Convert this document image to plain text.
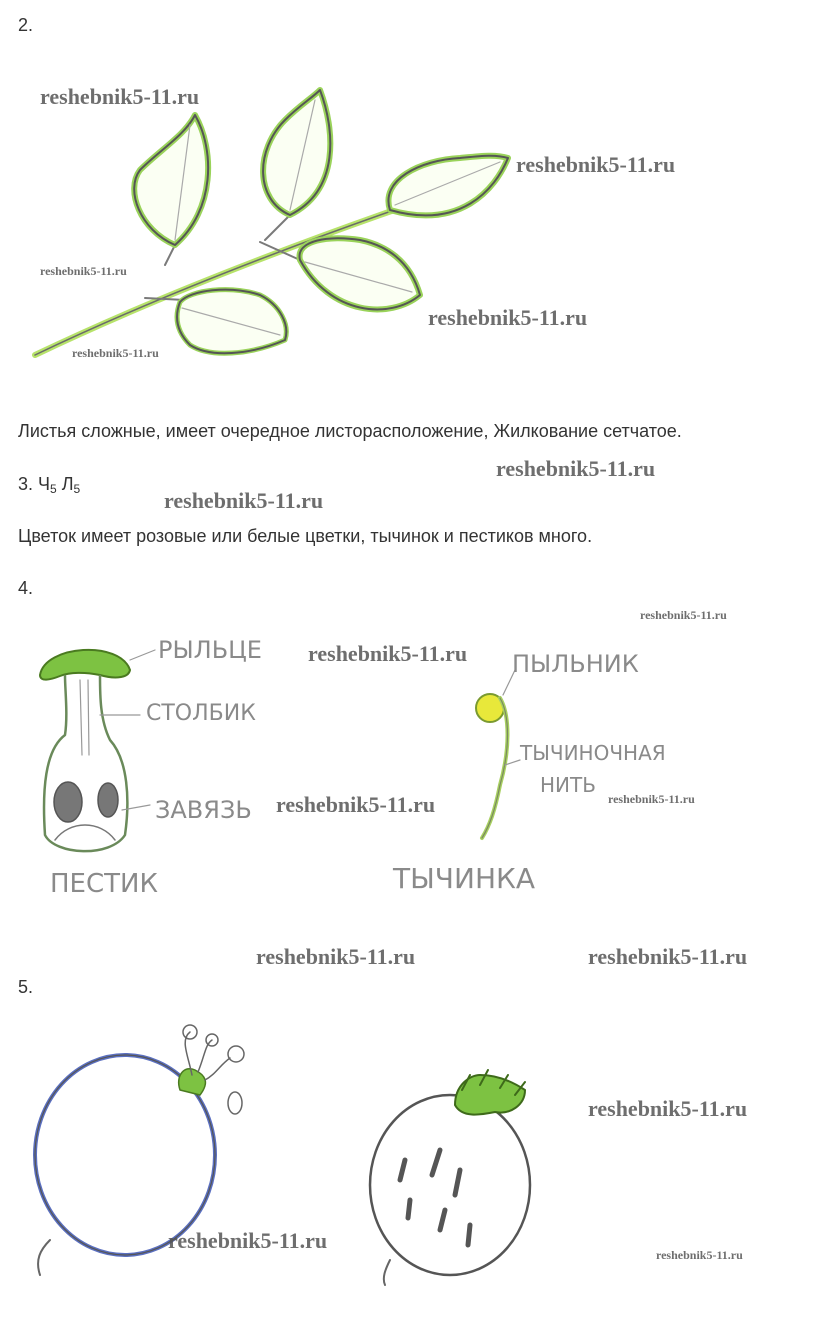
2.
Листья сложные, имеет очередное листорасположение, Жилкование сетчатое.
3. $Ч_5$ $Л_5$
Цветок имеет розовые или белые цветки, тычинок и пестиков много.
4.
РЫЛЬЦЕ
СТОЛБИК
ЗАВЯЗЬ
ПЕСТИК
ПЫЛЬНИК
ТЫЧИНОЧНАЯ
НИТЬ
ТЫЧИНКА
5.
reshebnik5-11.ru
reshebnik5-11.ru
reshebnik5-11.ru
reshebnik5-11.ru
reshebnik5-11.ru
reshebnik5-11.ru
reshebnik5-11.ru
reshebnik5-11.ru
reshebnik5-11.ru
reshebnik5-11.ru	reshebnik5-11.ru
reshebnik5-11.ru	reshebnik5-11.ru
reshebnik5-11.ru
reshebnik5-11.ru
reshebnik5-11.ru
